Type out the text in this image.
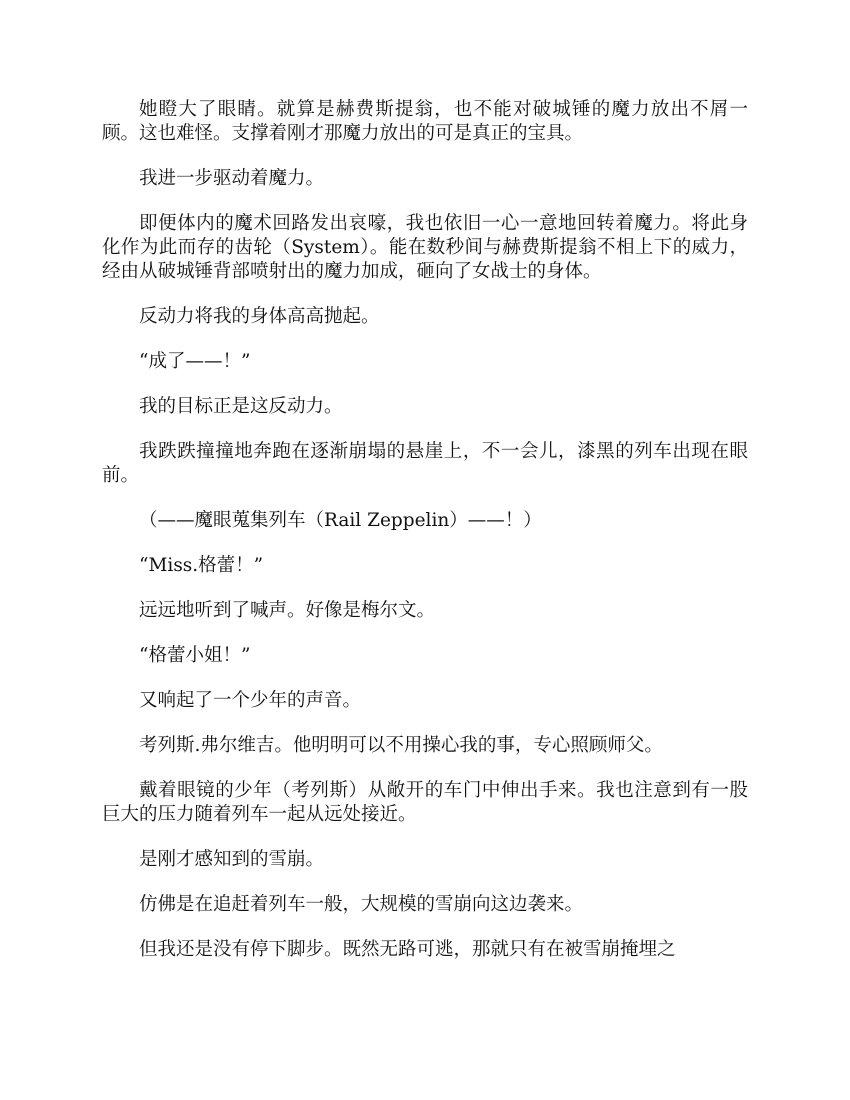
她瞪大了眼睛。就算是赫费斯提翁，也不能对破城锤的魔力放出不屑一顾。这也难怪。支撑着刚才那魔力放出的可是真正的宝具。

我进一步驱动着魔力。

即便体内的魔术回路发出哀嚎，我也依旧一心一意地回转着魔力。将此身化作为此而存的齿轮（System）。能在数秒间与赫费斯提翁不相上下的威力，经由从破城锤背部喷射出的魔力加成，砸向了女战士的身体。

反动力将我的身体高高抛起。

“成了——！”

我的目标正是这反动力。

我跌跌撞撞地奔跑在逐渐崩塌的悬崖上，不一会儿，漆黑的列车出现在眼前。

（——魔眼蒐集列车（Rail Zeppelin）——！）

“Miss.格蕾！”

远远地听到了喊声。好像是梅尔文。

“格蕾小姐！”

又响起了一个少年的声音。

考列斯.弗尔维吉。他明明可以不用操心我的事，专心照顾师父。

戴着眼镜的少年（考列斯）从敞开的车门中伸出手来。我也注意到有一股巨大的压力随着列车一起从远处接近。

是刚才感知到的雪崩。

仿佛是在追赶着列车一般，大规模的雪崩向这边袭来。

但我还是没有停下脚步。既然无路可逃，那就只有在被雪崩掩埋之
